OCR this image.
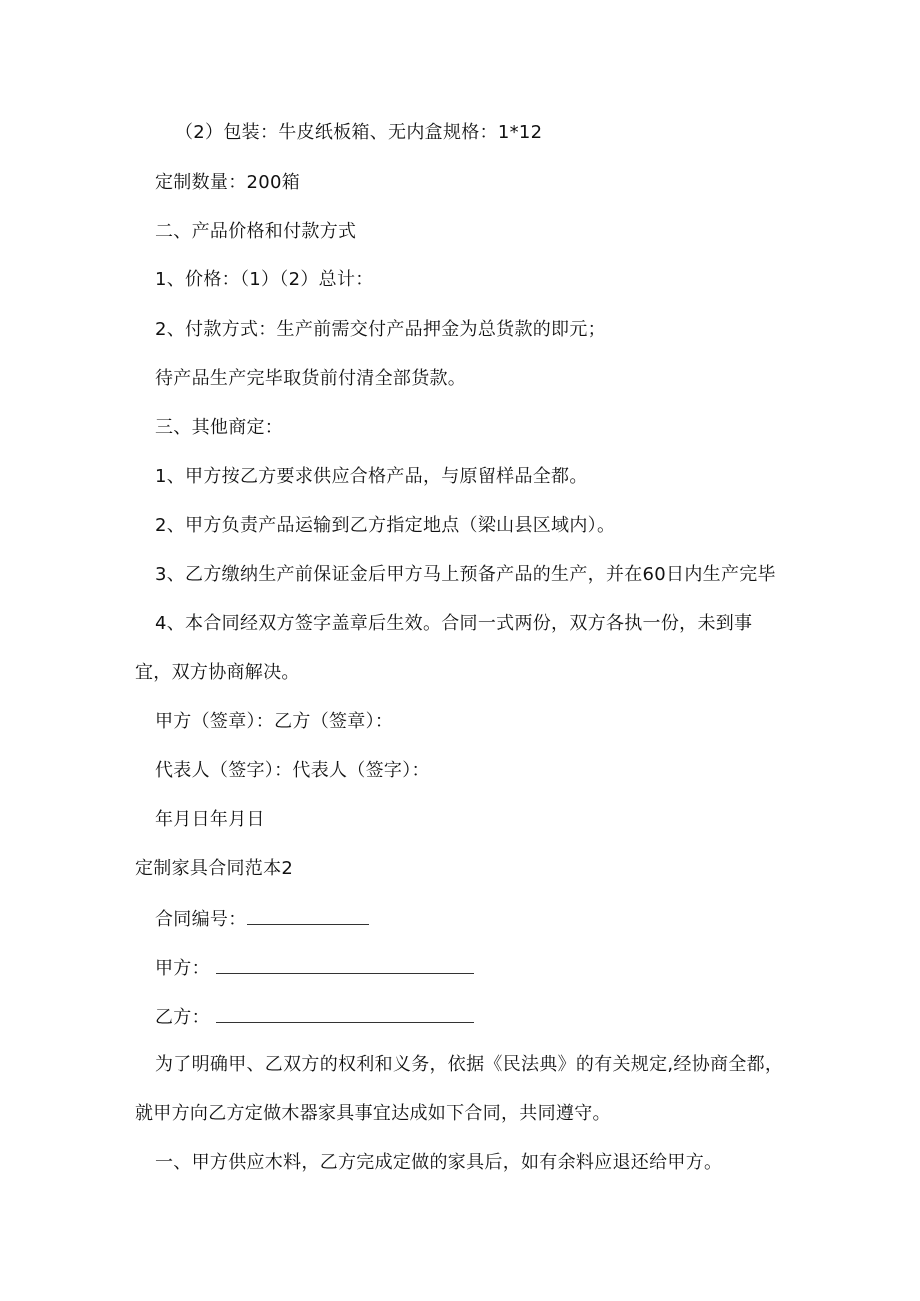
（2）包装：牛皮纸板箱、无内盒规格：1*12
定制数量：200箱
二、产品价格和付款方式
1、价格：（1）（2）总计：
2、付款方式：生产前需交付产品押金为总货款的即元；
待产品生产完毕取货前付清全部货款。
三、其他商定：
1、甲方按乙方要求供应合格产品，与原留样品全都。
2、甲方负责产品运输到乙方指定地点（梁山县区域内）。
3、乙方缴纳生产前保证金后甲方马上预备产品的生产，并在60日内生产完毕
4、本合同经双方签字盖章后生效。合同一式两份，双方各执一份，未到事
宜，双方协商解决。
甲方（签章）：乙方（签章）：
代表人（签字）：代表人（签字）：
年月日年月日
定制家具合同范本2
合同编号：
甲方：
乙方：
为了明确甲、乙双方的权利和义务，依据《民法典》的有关规定,经协商全都，
就甲方向乙方定做木器家具事宜达成如下合同，共同遵守。
一、甲方供应木料，乙方完成定做的家具后，如有余料应退还给甲方。
